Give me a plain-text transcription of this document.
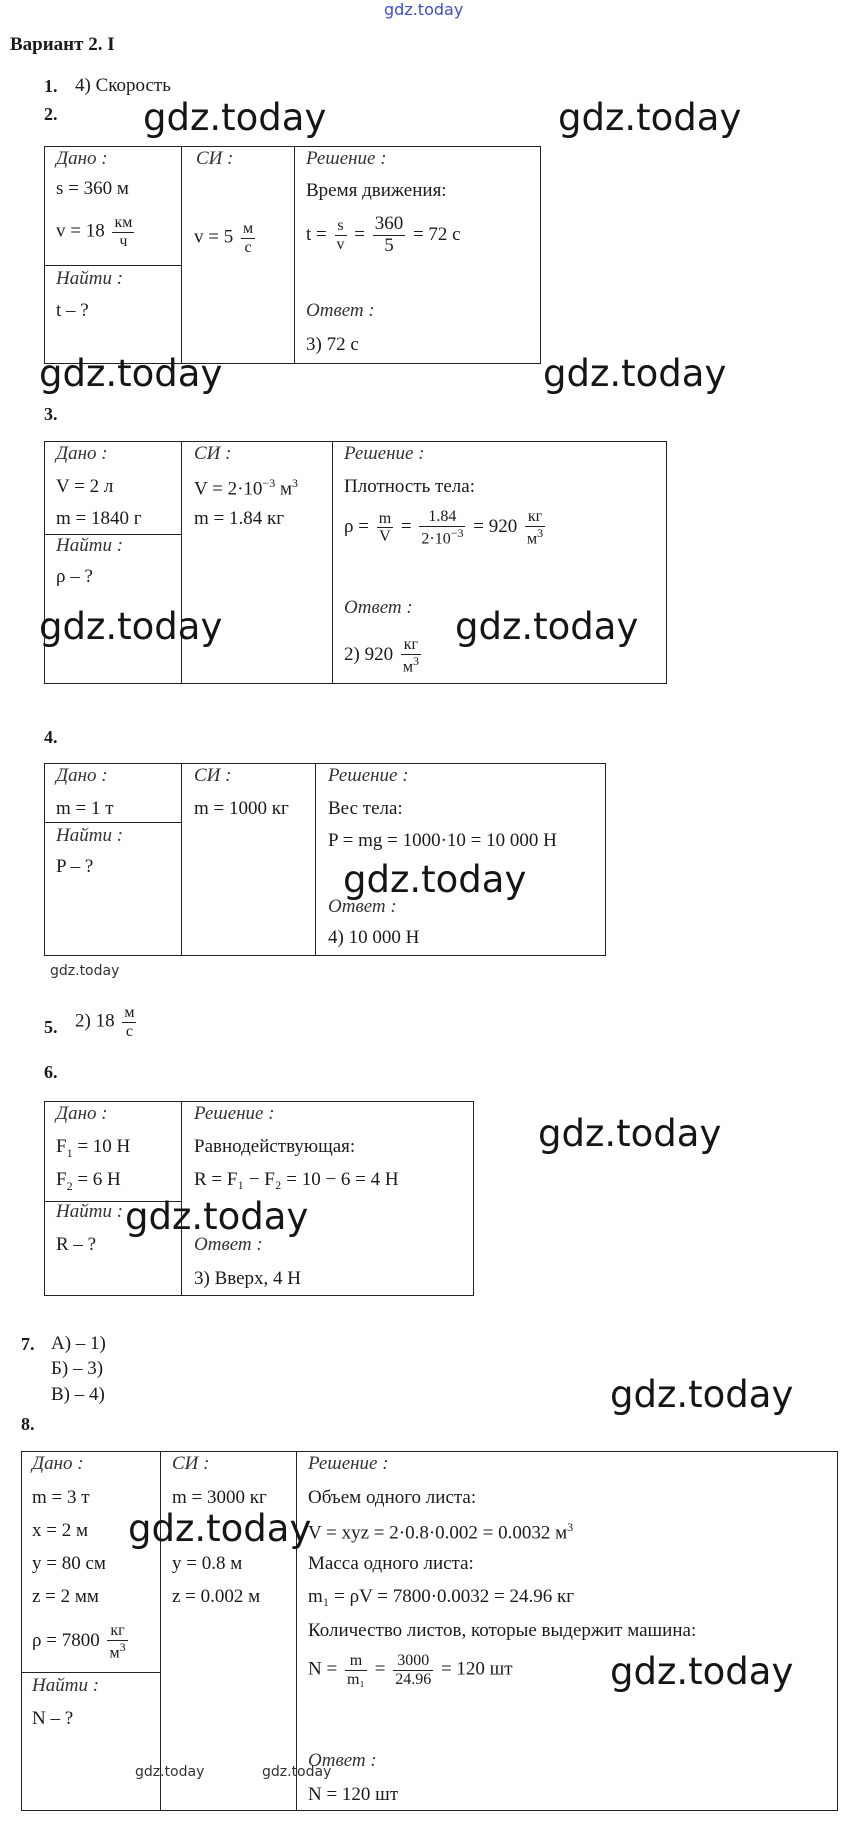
gdz.today
Вариант 2. I
1. 4) Скорость
2.
Дано :
s = 360 м
$v = 18 \frac{км}{ч}$
Найти :
t – ?
СИ :
$v = 5 \frac{м}{с}$
Решение :
Время движения:
$t = \frac{s}{v} = \frac{360}{5} = 72$ с
Ответ :
3) 72 с
3.
Дано :
V = 2 л
m = 1840 г
Найти :
ρ – ?
СИ :
$V = 2\cdot 10^{-3}$ $м^3$
m = 1.84 кг
Решение :
Плотность тела:
$\rho = \frac{m}{V} = \frac{1.84}{2\cdot 10^{-3}} = 920 \frac{кг}{м^3}$
Ответ :
2) $920 \frac{кг}{м^3}$
4.
Дано :
m = 1 т
Найти :
P – ?
СИ :
m = 1000 кг
Решение :
Вес тела:
P = mg = 1000·10 = 10 000 Н
Ответ :
4) 10 000 Н
5. 2) $18 \frac{м}{с}$
6.
Дано :
$F_1 = 10$ Н
$F_2 = 6$ Н
Найти :
R – ?
Решение :
Равнодействующая:
R = F₁ − F₂ = 10 − 6 = 4 Н
Ответ :
3) Вверх, 4 Н
7. А) – 1)
Б) – 3)
В) – 4)
8.
Дано :
m = 3 т
x = 2 м
y = 80 см
z = 2 мм
$\rho = 7800 \frac{кг}{м^3}$
Найти :
N – ?
СИ :
m = 3000 кг
y = 0.8 м
z = 0.002 м
Решение :
Объем одного листа:
V = xyz = 2·0.8·0.002 = 0.0032 $м^3$
Масса одного листа:
m₁ = ρV = 7800·0.0032 = 24.96 кг
Количество листов, которые выдержит машина:
$N = \frac{m}{\text{m₁}} = \frac{3000}{24.96} = 120$ шт
Ответ :
N = 120 шт
gdz.today	gdz.today
gdz.today	gdz.today
gdz.today	gdz.today
gdz.today
gdz.today
gdz.today
gdz.today
gdz.today
gdz.today
gdz.today
gdz.today	gdz.today
